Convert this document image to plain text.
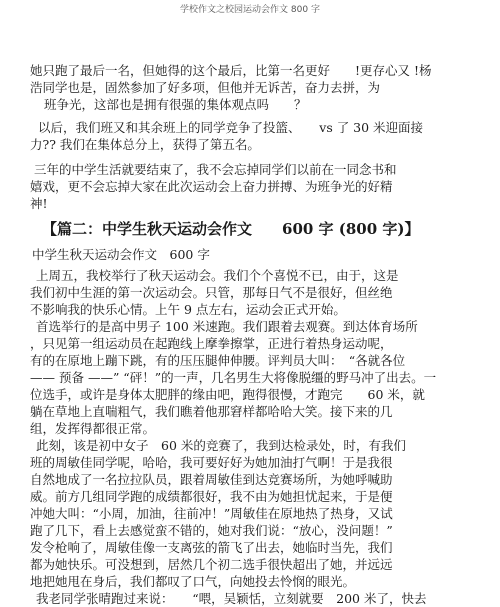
学校作文之校园运动会作文 800 字
她只跑了最后一名，但她得的这个最后，比第一名更好　　!更存心又 !杨
浩同学也是，固然参加了好多项，但他并无诉苦，奋力去拼，为
班争光，这部也是拥有很强的集体观点吗　　？
以后，我们班又和其余班上的同学竞争了投篮、　　vs 了 30 米迎面接
力?? 我们在集体总分上，获得了第五名。
三年的中学生活就要结束了，我不会忘掉同学们以前在一同念书和
嬉戏，更不会忘掉大家在此次运动会上奋力拼搏、为班争光的好精
神!
【篇二：中学生秋天运动会作文　　600 字 (800 字)】
中学生秋天运动会作文　600 字
上周五，我校举行了秋天运动会。我们个个喜悦不已，由于，这是
我们初中生涯的第一次运动会。只管，那每日气不是很好，但丝绝
不影响我的快乐心情。上午 9 点左右，运动会正式开始。
首选举行的是高中男子 100 米速跑。我们跟着去观赛。到达体育场所
，只见第一组运动员在起跑线上摩拳擦掌，正进行着热身运动呢，
有的在原地上蹦下跳，有的压压腿伸伸腰。评判员大叫：　“各就各位
—— 预备 ——” “砰！”的一声，几名男生大将像脱缰的野马冲了出去。一
位选手，或许是身体太肥胖的缘由吧，跑得很慢，才跑完　　60 米，就
躺在草地上直喘粗气，我们瞧着他那窘样都哈哈大笑。接下来的几
组，发挥得都很正常。
此刻，该是初中女子　60 米的竞赛了，我到达检录处，时，有我们
班的周敏佳同学呢，哈哈，我可要好好为她加油打气啊！于是我很
自然地成了一名拉拉队员，跟着周敏佳到达竞赛场所，为她呼喊助
威。前方几组同学跑的成绩都很好，我不由为她担忧起来，于是便
冲她大叫：“小周，加油，往前冲！”周敏佳在原地热了热身，又试
跑了几下，看上去感觉蛮不错的，她对我们说：“放心，没问题！”
发令枪响了，周敏佳像一支离弦的箭飞了出去，她临时当先，我们
都为她快乐。可没想到，居然几个初二选手很快超出了她，并远远
地把她甩在身后，我们都叹了口气，向她投去怜悯的眼光。
我老同学张晴跑过来说：　　“喂，吴颖恬，立刻就要　200 米了，快去
